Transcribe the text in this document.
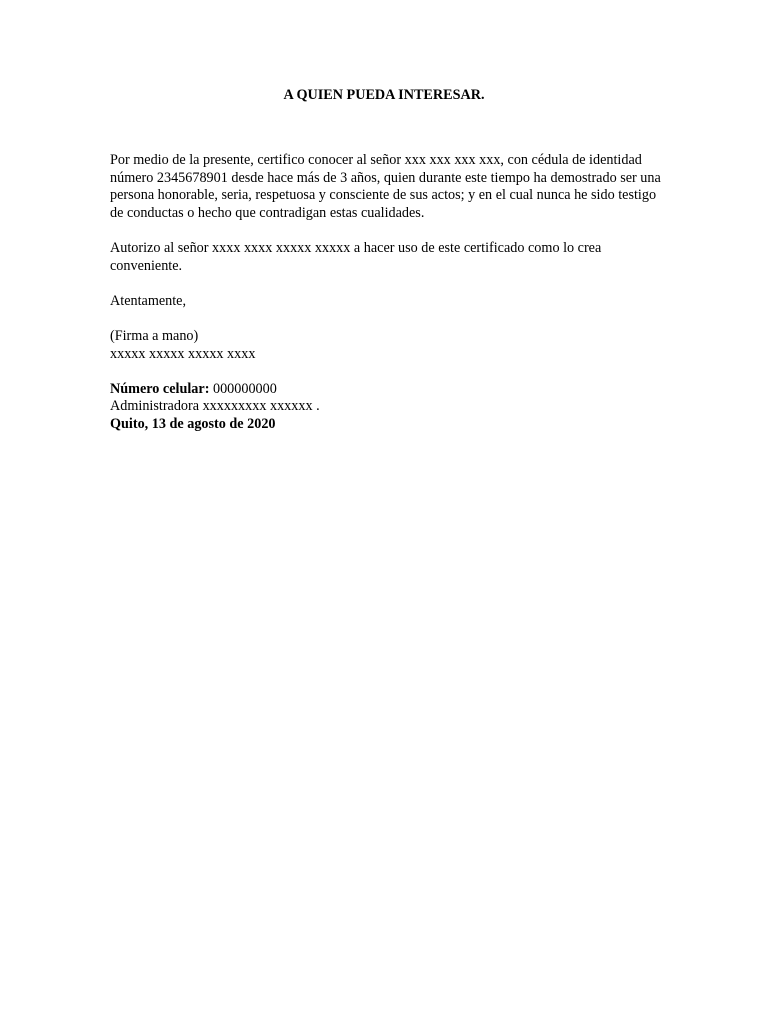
A QUIEN PUEDA INTERESAR.

Por medio de la presente, certifico conocer al señor xxx xxx xxx xxx, con cédula de identidad número 2345678901 desde hace más de 3 años, quien durante este tiempo ha demostrado ser una persona honorable, seria, respetuosa y consciente de sus actos; y en el cual nunca he sido testigo de conductas o hecho que contradigan estas cualidades.

Autorizo al señor xxxx xxxx xxxxx xxxxx a hacer uso de este certificado como lo crea conveniente.

Atentamente,

(Firma a mano)

xxxxx xxxxx xxxxx xxxx

Número celular: 000000000

Administradora xxxxxxxxx xxxxxx .

Quito, 13 de agosto de 2020
